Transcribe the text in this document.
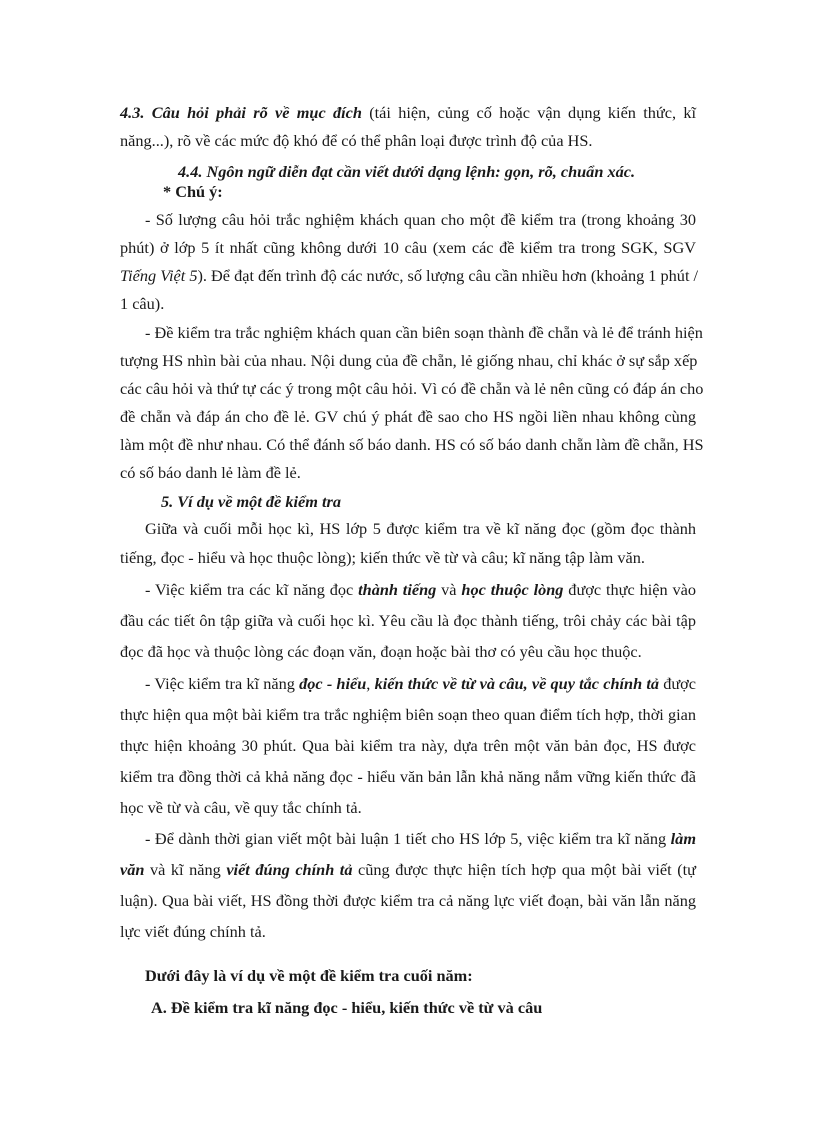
4.3. Câu hỏi phải rõ về mục đích (tái hiện, củng cố hoặc vận dụng kiến thức, kĩ
năng...), rõ về các mức độ khó để có thể phân loại được trình độ của HS.
4.4. Ngôn ngữ diễn đạt cần viết dưới dạng lệnh: gọn, rõ, chuẩn xác.
* Chú ý:
- Số lượng câu hỏi trắc nghiệm khách quan cho một đề kiểm tra (trong khoảng 30
phút) ở lớp 5 ít nhất cũng không dưới 10 câu (xem các đề kiểm tra trong SGK, SGV
Tiếng Việt 5). Để đạt đến trình độ các nước, số lượng câu cần nhiều hơn (khoảng 1 phút /
1 câu).
- Đề kiểm tra trắc nghiệm khách quan cần biên soạn thành đề chẵn và lẻ để tránh hiện
tượng HS nhìn bài của nhau. Nội dung của đề chẵn, lẻ giống nhau, chỉ khác ở sự sắp xếp
các câu hỏi và thứ tự các ý trong một câu hỏi. Vì có đề chẵn và lẻ nên cũng có đáp án cho
đề chẵn và đáp án cho đề lẻ. GV chú ý phát đề sao cho HS ngồi liền nhau không cùng
làm một đề như nhau. Có thể đánh số báo danh. HS có số báo danh chẵn làm đề chẵn, HS
có số báo danh lẻ làm đề lẻ.
5. Ví dụ về một đề kiểm tra
Giữa và cuối mỗi học kì, HS lớp 5 được kiểm tra về kĩ năng đọc (gồm đọc thành
tiếng, đọc - hiểu và học thuộc lòng); kiến thức về từ và câu; kĩ năng tập làm văn.
- Việc kiểm tra các kĩ năng đọc thành tiếng và học thuộc lòng được thực hiện vào
đầu các tiết ôn tập giữa và cuối học kì. Yêu cầu là đọc thành tiếng, trôi chảy các bài tập
đọc đã học và thuộc lòng các đoạn văn, đoạn hoặc bài thơ có yêu cầu học thuộc.
- Việc kiểm tra kĩ năng đọc - hiểu, kiến thức về từ và câu, về quy tắc chính tả được
thực hiện qua một bài kiểm tra trắc nghiệm biên soạn theo quan điểm tích hợp, thời gian
thực hiện khoảng 30 phút. Qua bài kiểm tra này, dựa trên một văn bản đọc, HS được
kiểm tra đồng thời cả khả năng đọc - hiểu văn bản lẫn khả năng nắm vững kiến thức đã
học về từ và câu, về quy tắc chính tả.
- Để dành thời gian viết một bài luận 1 tiết cho HS lớp 5, việc kiểm tra kĩ năng làm
văn và kĩ năng viết đúng chính tả cũng được thực hiện tích hợp qua một bài viết (tự
luận). Qua bài viết, HS đồng thời được kiểm tra cả năng lực viết đoạn, bài văn lẫn năng
lực viết đúng chính tả.
Dưới đây là ví dụ về một đề kiểm tra cuối năm:
A. Đề kiểm tra kĩ năng đọc - hiểu, kiến thức về từ và câu
